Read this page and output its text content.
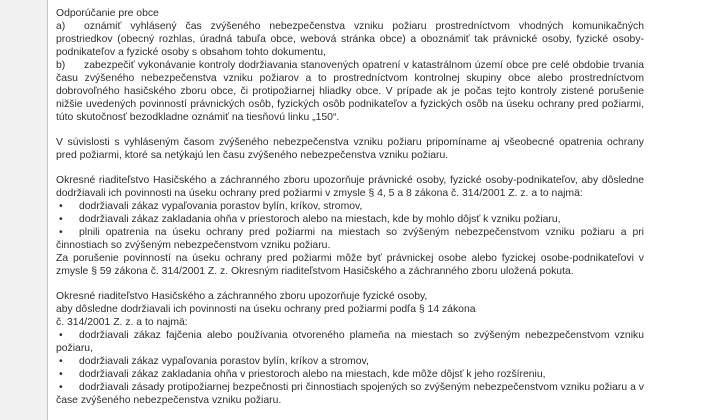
Odporúčanie pre obce
a) oznámiť vyhlásený čas zvýšeného nebezpečenstva vzniku požiaru prostredníctvom vhodných komunikačných prostriedkov (obecný rozhlas, úradná tabuľa obce, webová stránka obce) a oboznámiť tak právnické osoby, fyzické osoby-podnikateľov a fyzické osoby s obsahom tohto dokumentu,
b) zabezpečiť vykonávanie kontroly dodržiavania stanovených opatrení v katastrálnom území obce pre celé obdobie trvania času zvýšeného nebezpečenstva vzniku požiarov a to prostredníctvom kontrolnej skupiny obce alebo prostredníctvom dobrovoľného hasičského zboru obce, či protipožiarnej hliadky obce. V prípade ak je počas tejto kontroly zistené porušenie nižšie uvedených povinností právnických osôb, fyzických osôb podnikateľov a fyzických osôb na úseku ochrany pred požiarmi, túto skutočnosť bezodkladne oznámiť na tiesňovú linku „150“.
V súvislosti s vyhláseným časom zvýšeného nebezpečenstva vzniku požiaru pripomíname aj všeobecné opatrenia ochrany pred požiarmi, ktoré sa netýkajú len času zvýšeného nebezpečenstva vzniku požiaru.
Okresné riaditeľstvo Hasičského a záchranného zboru upozorňuje právnické osoby, fyzické osoby-podnikateľov, aby dôsledne dodržiavali ich povinnosti na úseku ochrany pred požiarmi v zmysle § 4, 5 a 8 zákona č. 314/2001 Z. z. a to najmä:
• dodržiavali zákaz vypaľovania porastov bylín, kríkov, stromov,
• dodržiavali zákaz zakladania ohňa v priestoroch alebo na miestach, kde by mohlo dôjsť k vzniku požiaru,
• plnili opatrenia na úseku ochrany pred požiarmi na miestach so zvýšeným nebezpečenstvom vzniku požiaru a pri činnostiach so zvýšeným nebezpečenstvom vzniku požiaru.
Za porušenie povinností na úseku ochrany pred požiarmi môže byť právnickej osobe alebo fyzickej osobe-podnikateľovi v zmysle § 59 zákona č. 314/2001 Z. z. Okresným riaditeľstvom Hasičského a záchranného zboru uložená pokuta.
Okresné riaditeľstvo Hasičského a záchranného zboru upozorňuje fyzické osoby,
aby dôsledne dodržiavali ich povinnosti na úseku ochrany pred požiarmi podľa § 14 zákona
č. 314/2001 Z. z. a to najmä:
• dodržiavali zákaz fajčenia alebo používania otvoreného plameňa na miestach so zvýšeným nebezpečenstvom vzniku požiaru,
• dodržiavali zákaz vypaľovania porastov bylín, kríkov a stromov,
• dodržiavali zákaz zakladania ohňa v priestoroch alebo na miestach, kde môže dôjsť k jeho rozšíreniu,
• dodržiavali zásady protipožiarnej bezpečnosti pri činnostiach spojených so zvýšeným nebezpečenstvom vzniku požiaru a v čase zvýšeného nebezpečenstva vzniku požiaru.
